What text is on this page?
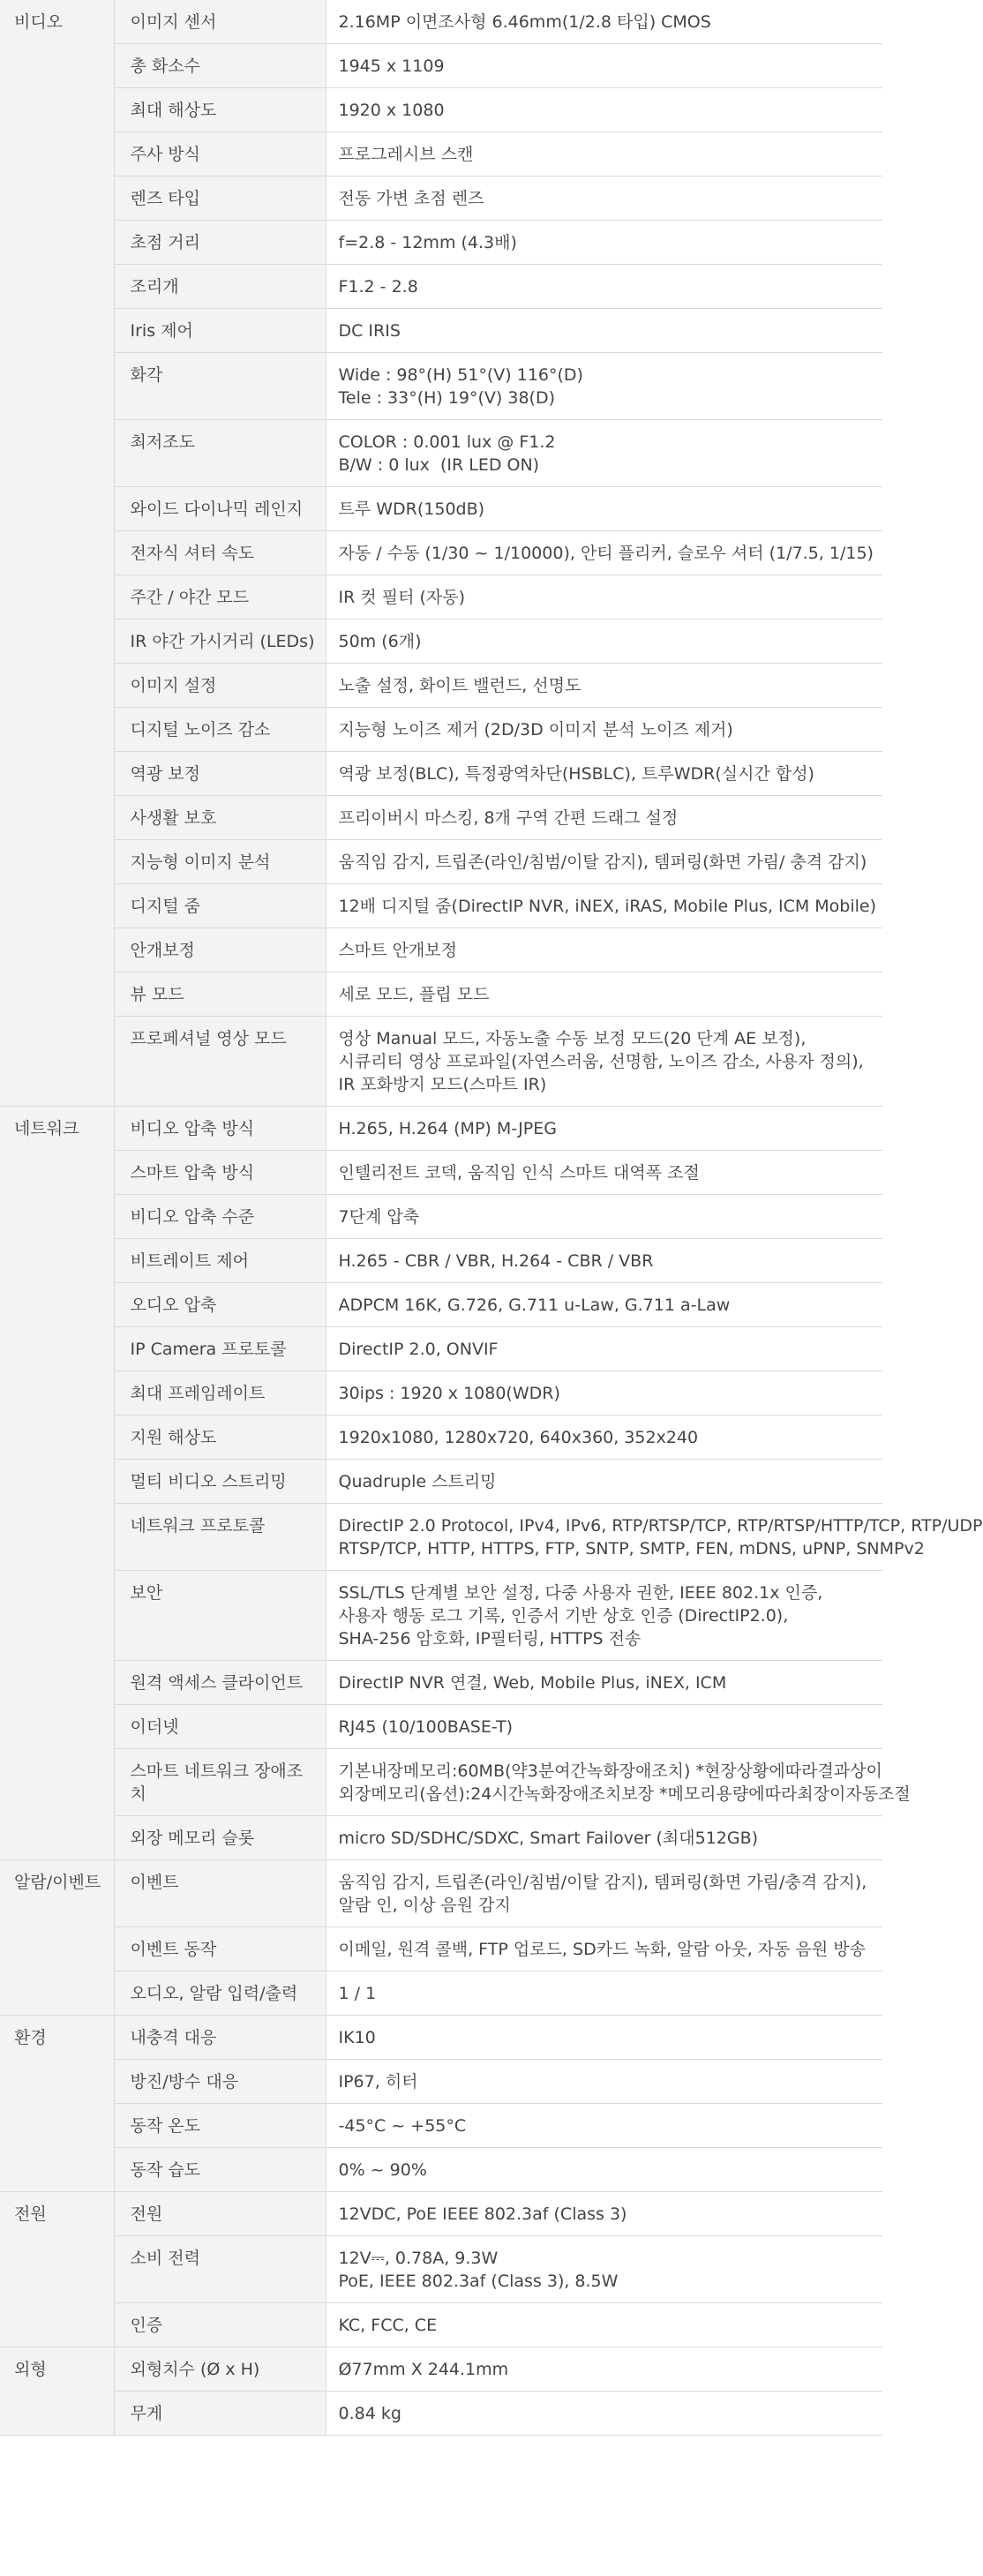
비디오	이미지 센서	2.16MP 이면조사형 6.46mm(1/2.8 타입) CMOS
	총 화소수	1945 x 1109
	최대 해상도	1920 x 1080
	주사 방식	프로그레시브 스캔
	렌즈 타입	전동 가변 초점 렌즈
	초점 거리	f=2.8 - 12mm (4.3배)
	조리개	F1.2 - 2.8
	Iris 제어	DC IRIS
	화각	Wide : 98°(H) 51°(V) 116°(D)
Tele : 33°(H) 19°(V) 38(D)
	최저조도	COLOR : 0.001 lux @ F1.2
B/W : 0 lux  (IR LED ON)
	와이드 다이나믹 레인지	트루 WDR(150dB)
	전자식 셔터 속도	자동 / 수동 (1/30 ~ 1/10000), 안티 플리커, 슬로우 셔터 (1/7.5, 1/15)
	주간 / 야간 모드	IR 컷 필터 (자동)
	IR 야간 가시거리 (LEDs)	50m (6개)
	이미지 설정	노출 설정, 화이트 밸런드, 선명도
	디지털 노이즈 감소	지능형 노이즈 제거 (2D/3D 이미지 분석 노이즈 제거)
	역광 보정	역광 보정(BLC), 특정광역차단(HSBLC), 트루WDR(실시간 합성)
	사생활 보호	프리이버시 마스킹, 8개 구역 간편 드래그 설정
	지능형 이미지 분석	움직임 감지, 트립존(라인/침범/이탈 감지), 템퍼링(화면 가림/ 충격 감지)
	디지털 줌	12배 디지털 줌(DirectIP NVR, iNEX, iRAS, Mobile Plus, ICM Mobile)
	안개보정	스마트 안개보정
	뷰 모드	세로 모드, 플립 모드
	프로페셔널 영상 모드	영상 Manual 모드, 자동노출 수동 보정 모드(20 단계 AE 보정),
시큐리티 영상 프로파일(자연스러움, 선명함, 노이즈 감소, 사용자 정의),
IR 포화방지 모드(스마트 IR)
네트워크	비디오 압축 방식	H.265, H.264 (MP) M-JPEG
	스마트 압축 방식	인텔리전트 코덱, 움직임 인식 스마트 대역폭 조절
	비디오 압축 수준	7단계 압축
	비트레이트 제어	H.265 - CBR / VBR, H.264 - CBR / VBR
	오디오 압축	ADPCM 16K, G.726, G.711 u-Law, G.711 a-Law
	IP Camera 프로토콜	DirectIP 2.0, ONVIF
	최대 프레임레이트	30ips : 1920 x 1080(WDR)
	지원 해상도	1920x1080, 1280x720, 640x360, 352x240
	멀티 비디오 스트리밍	Quadruple 스트리밍
	네트워크 프로토콜	DirectIP 2.0 Protocol, IPv4, IPv6, RTP/RTSP/TCP, RTP/RTSP/HTTP/TCP, RTP/UDP
RTSP/TCP, HTTP, HTTPS, FTP, SNTP, SMTP, FEN, mDNS, uPNP, SNMPv2
	보안	SSL/TLS 단계별 보안 설정, 다중 사용자 권한, IEEE 802.1x 인증,
사용자 행동 로그 기록, 인증서 기반 상호 인증 (DirectIP2.0),
SHA-256 암호화, IP필터링, HTTPS 전송
	원격 액세스 클라이언트	DirectIP NVR 연결, Web, Mobile Plus, iNEX, ICM
	이더넷	RJ45 (10/100BASE-T)
	스마트 네트워크 장애조치	기본내장메모리:60MB(약3분여간녹화장애조치) *현장상황에따라결과상이
외장메모리(옵션):24시간녹화장애조치보장 *메모리용량에따라최장이자동조절
	외장 메모리 슬롯	micro SD/SDHC/SDXC, Smart Failover (최대512GB)
알람/이벤트	이벤트	움직임 감지, 트립존(라인/침범/이탈 감지), 템퍼링(화면 가림/충격 감지),
알람 인, 이상 음원 감지
	이벤트 동작	이메일, 원격 콜백, FTP 업로드, SD카드 녹화, 알람 아웃, 자동 음원 방송
	오디오, 알람 입력/출력	1 / 1
환경	내충격 대응	IK10
	방진/방수 대응	IP67, 히터
	동작 온도	-45°C ~ +55°C
	동작 습도	0% ~ 90%
전원	전원	12VDC, PoE IEEE 802.3af (Class 3)
	소비 전력	12V⎓, 0.78A, 9.3W
PoE, IEEE 802.3af (Class 3), 8.5W
	인증	KC, FCC, CE
외형	외형치수 (Ø x H)	Ø77mm X 244.1mm
	무게	0.84 kg
